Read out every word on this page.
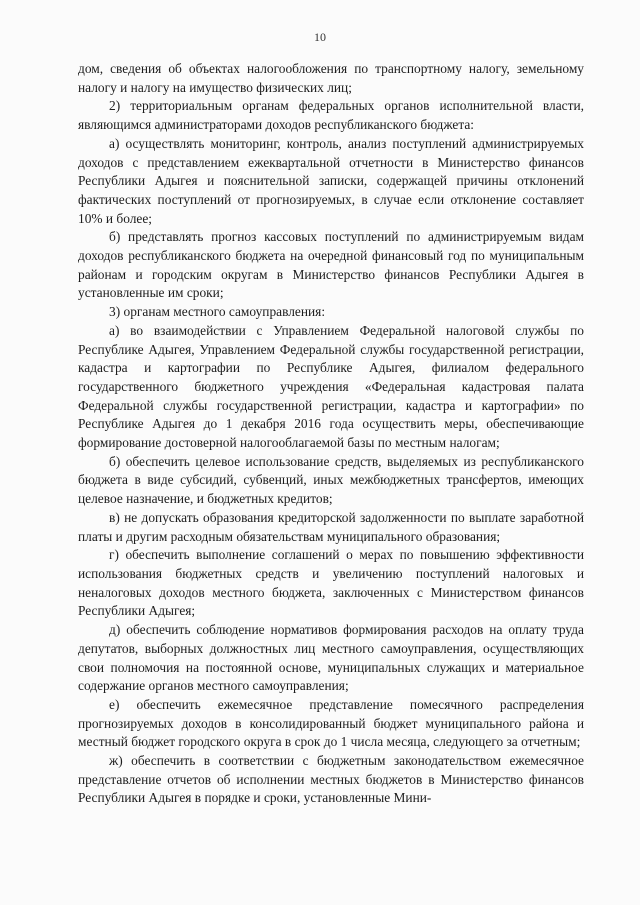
10

дом, сведения об объектах налогообложения по транспортному налогу, земельному налогу и налогу на имущество физических лиц;

2) территориальным органам федеральных органов исполнительной власти, являющимся администраторами доходов республиканского бюджета:

а) осуществлять мониторинг, контроль, анализ поступлений администрируемых доходов с представлением ежеквартальной отчетности в Министерство финансов Республики Адыгея и пояснительной записки, содержащей причины отклонений фактических поступлений от прогнозируемых, в случае если отклонение составляет 10% и более;

б) представлять прогноз кассовых поступлений по администрируемым видам доходов республиканского бюджета на очередной финансовый год по муниципальным районам и городским округам в Министерство финансов Республики Адыгея в установленные им сроки;

3) органам местного самоуправления:

а) во взаимодействии с Управлением Федеральной налоговой службы по Республике Адыгея, Управлением Федеральной службы государственной регистрации, кадастра и картографии по Республике Адыгея, филиалом федерального государственного бюджетного учреждения «Федеральная кадастровая палата Федеральной службы государственной регистрации, кадастра и картографии» по Республике Адыгея до 1 декабря 2016 года осуществить меры, обеспечивающие формирование достоверной налогооблагаемой базы по местным налогам;

б) обеспечить целевое использование средств, выделяемых из республиканского бюджета в виде субсидий, субвенций, иных межбюджетных трансфертов, имеющих целевое назначение, и бюджетных кредитов;

в) не допускать образования кредиторской задолженности по выплате заработной платы и другим расходным обязательствам муниципального образования;

г) обеспечить выполнение соглашений о мерах по повышению эффективности использования бюджетных средств и увеличению поступлений налоговых и неналоговых доходов местного бюджета, заключенных с Министерством финансов Республики Адыгея;

д) обеспечить соблюдение нормативов формирования расходов на оплату труда депутатов, выборных должностных лиц местного самоуправления, осуществляющих свои полномочия на постоянной основе, муниципальных служащих и материальное содержание органов местного самоуправления;

е) обеспечить ежемесячное представление помесячного распределения прогнозируемых доходов в консолидированный бюджет муниципального района и местный бюджет городского округа в срок до 1 числа месяца, следующего за отчетным;

ж) обеспечить в соответствии с бюджетным законодательством ежемесячное представление отчетов об исполнении местных бюджетов в Министерство финансов Республики Адыгея в порядке и сроки, установленные Мини-
